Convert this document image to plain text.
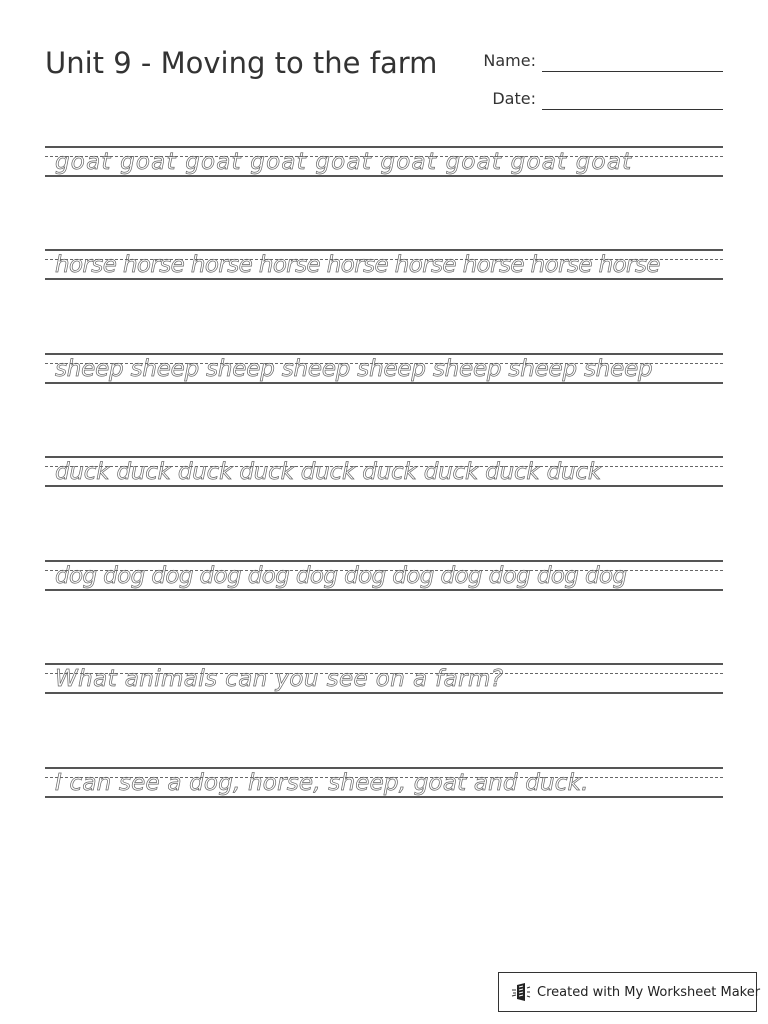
Unit 9 - Moving to the farm	Name:
Date:
goat goat goat goat goat goat goat goat goat
horse horse horse horse horse horse horse horse horse
sheep sheep sheep sheep sheep sheep sheep sheep
duck duck duck duck duck duck duck duck duck
dog dog dog dog dog dog dog dog dog dog dog dog
What animals can you see on a farm?
I can see a dog, horse, sheep, goat and duck.
Created with My Worksheet Maker
